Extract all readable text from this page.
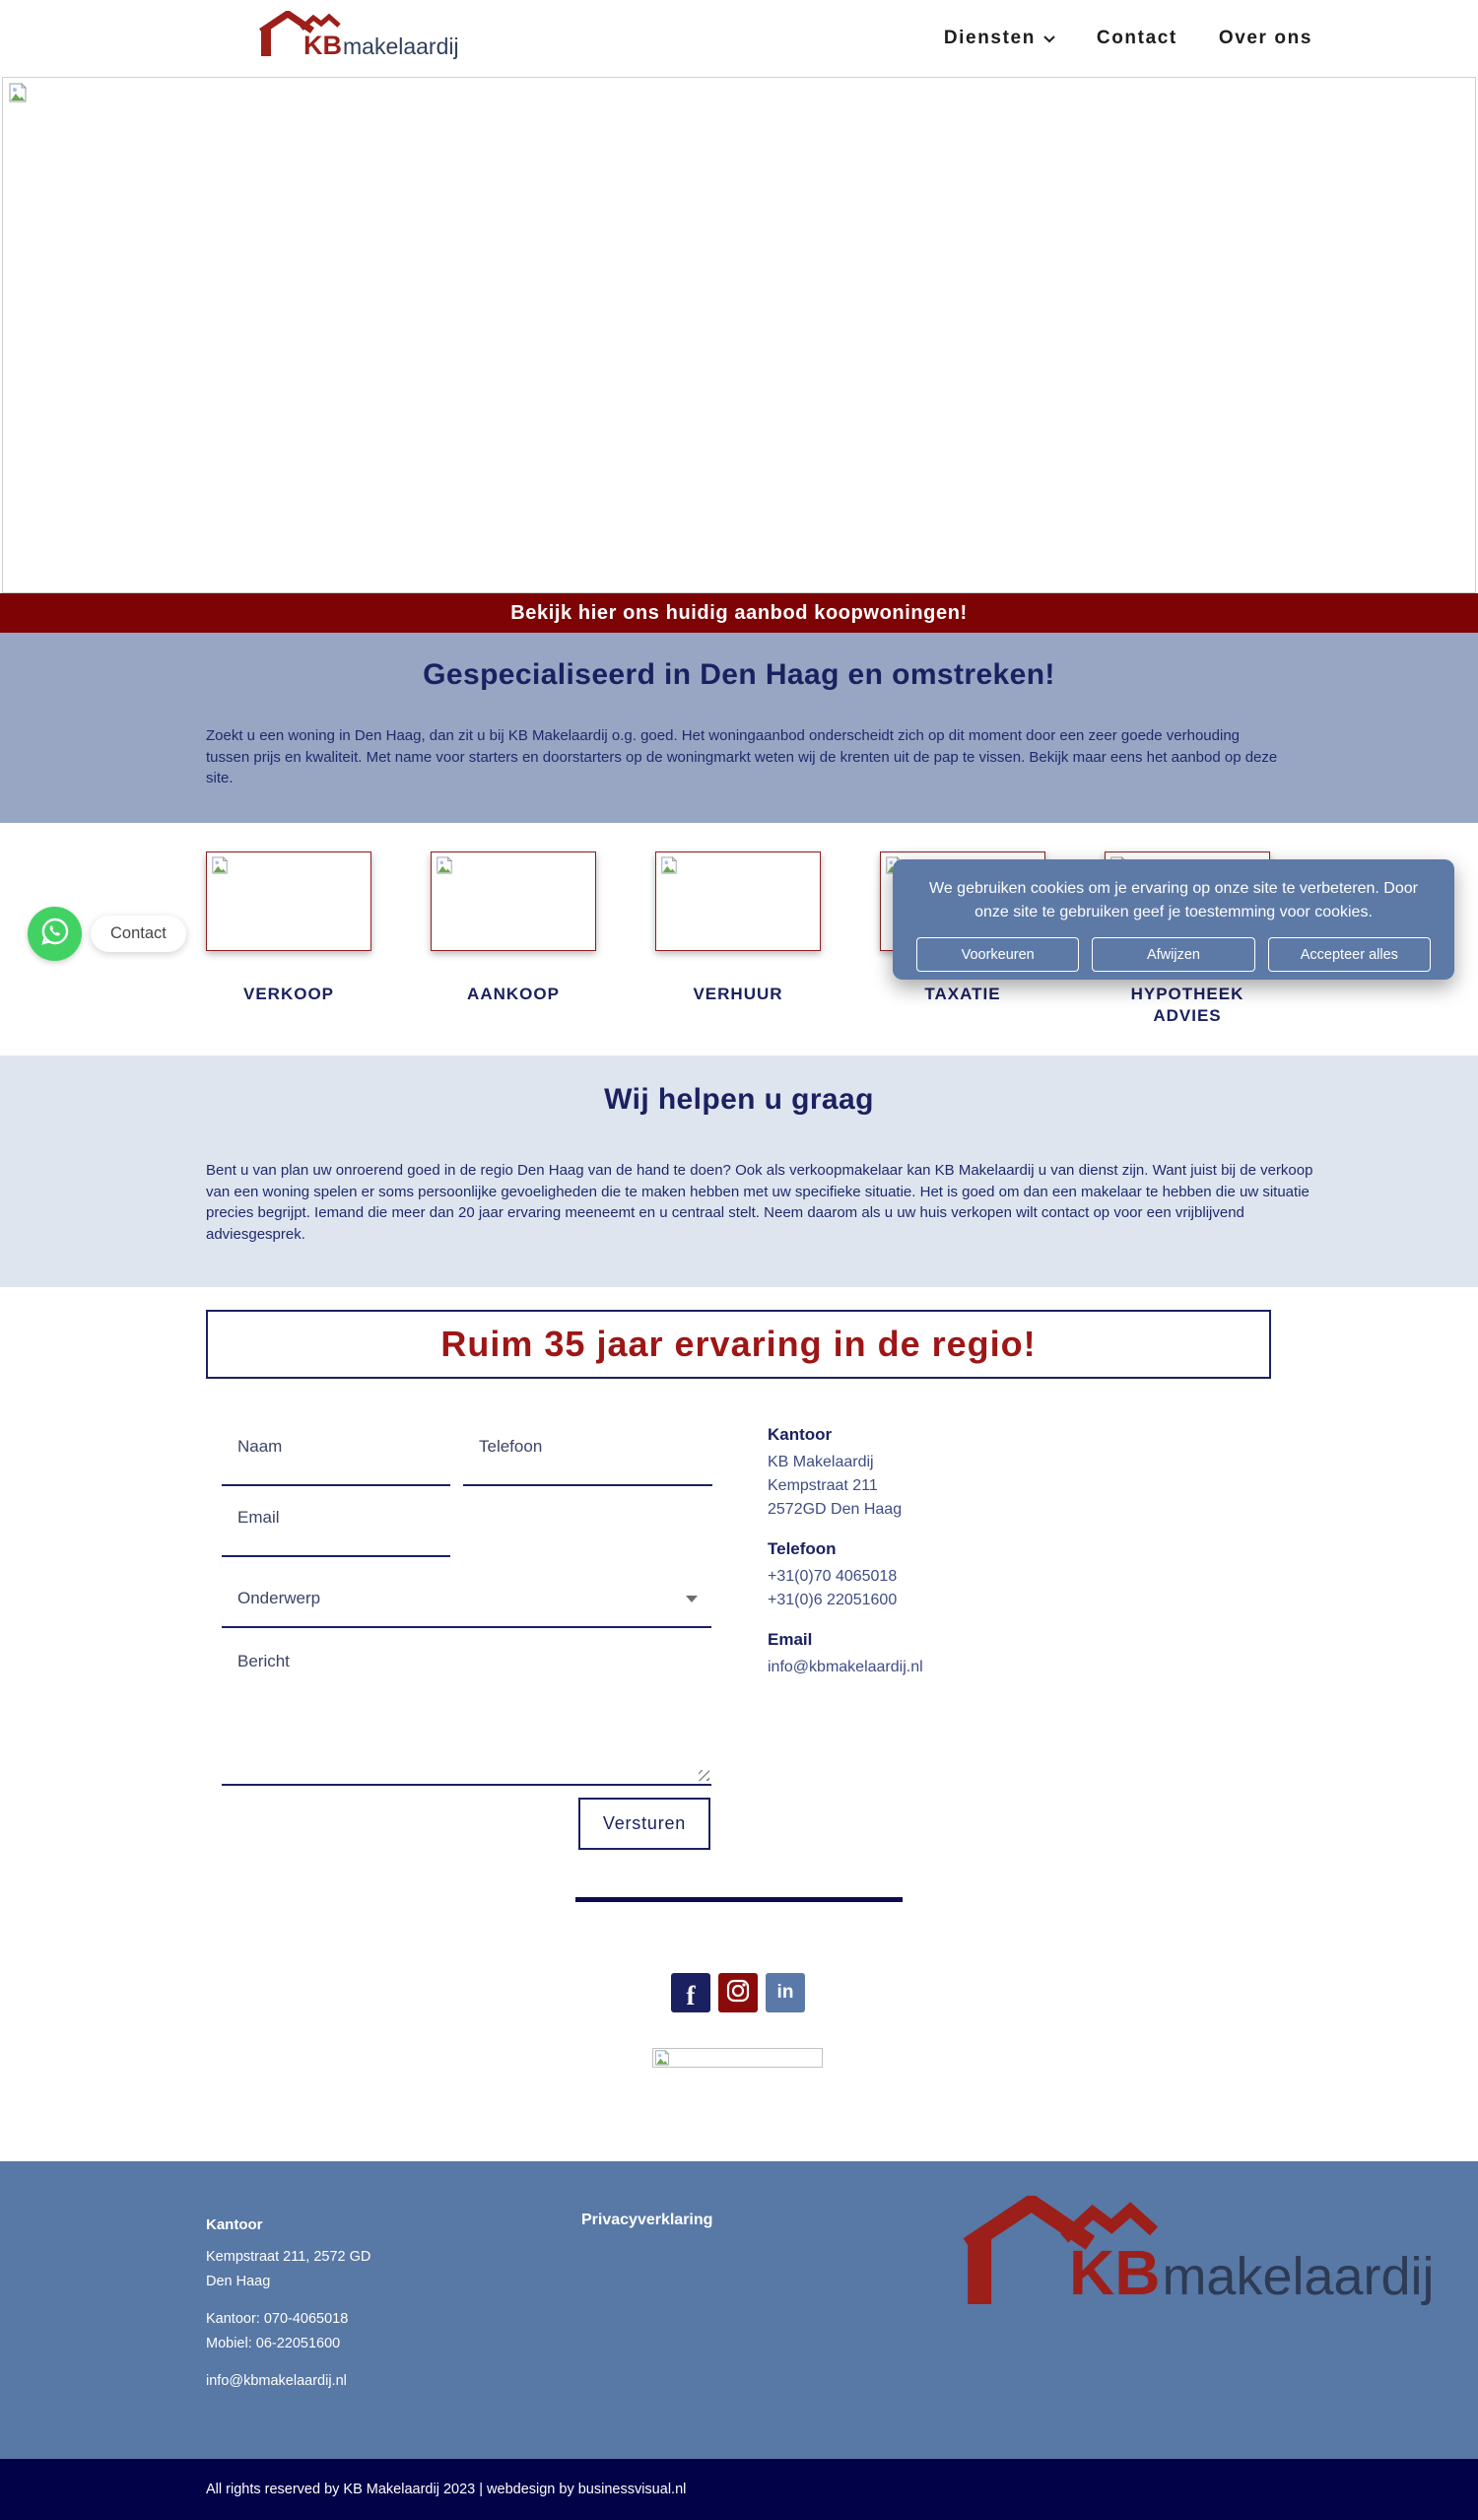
KB makelaardij	Diensten	Contact Over ons
Bekijk hier ons huidig aanbod koopwoningen!
Gespecialiseerd in Den Haag en omstreken!
Zoekt u een woning in Den Haag, dan zit u bij KB Makelaardij o.g. goed. Het woningaanbod onderscheidt zich op dit moment door een zeer goede verhouding tussen prijs en kwaliteit. Met name voor starters en doorstarters op de woningmarkt weten wij de krenten uit de pap te vissen. Bekijk maar eens het aanbod op deze site.
VERKOOP	AANKOOP	VERHUUR	TAXATIE	HYPOTHEEK ADVIES
Contact
We gebruiken cookies om je ervaring op onze site te verbeteren. Door
onze site te gebruiken geef je toestemming voor cookies.
Voorkeuren	Afwijzen	Accepteer alles
Wij helpen u graag
Bent u van plan uw onroerend goed in de regio Den Haag van de hand te doen? Ook als verkoopmakelaar kan KB Makelaardij u van dienst zijn. Want juist bij de verkoop van een woning spelen er soms persoonlijke gevoeligheden die te maken hebben met uw specifieke situatie. Het is goed om dan een makelaar te hebben die uw situatie precies begrijpt. Iemand die meer dan 20 jaar ervaring meeneemt en u centraal stelt. Neem daarom als u uw huis verkopen wilt contact op voor een vrijblijvend adviesgesprek.
Ruim 35 jaar ervaring in de regio!
Naam
Telefoon
Email
Onderwerp
Bericht
Versturen
Kantoor
KB Makelaardij
Kempstraat 211
2572GD Den Haag
Telefoon
+31(0)70 4065018
+31(0)6 22051600
Email
info@kbmakelaardij.nl
f	in
Kantoor
Kempstraat 211, 2572 GD
Den Haag
Kantoor: 070-4065018
Mobiel: 06-22051600
info@kbmakelaardij.nl
Privacyverklaring
KB makelaardij
All rights reserved by KB Makelaardij 2023 | webdesign by businessvisual.nl
